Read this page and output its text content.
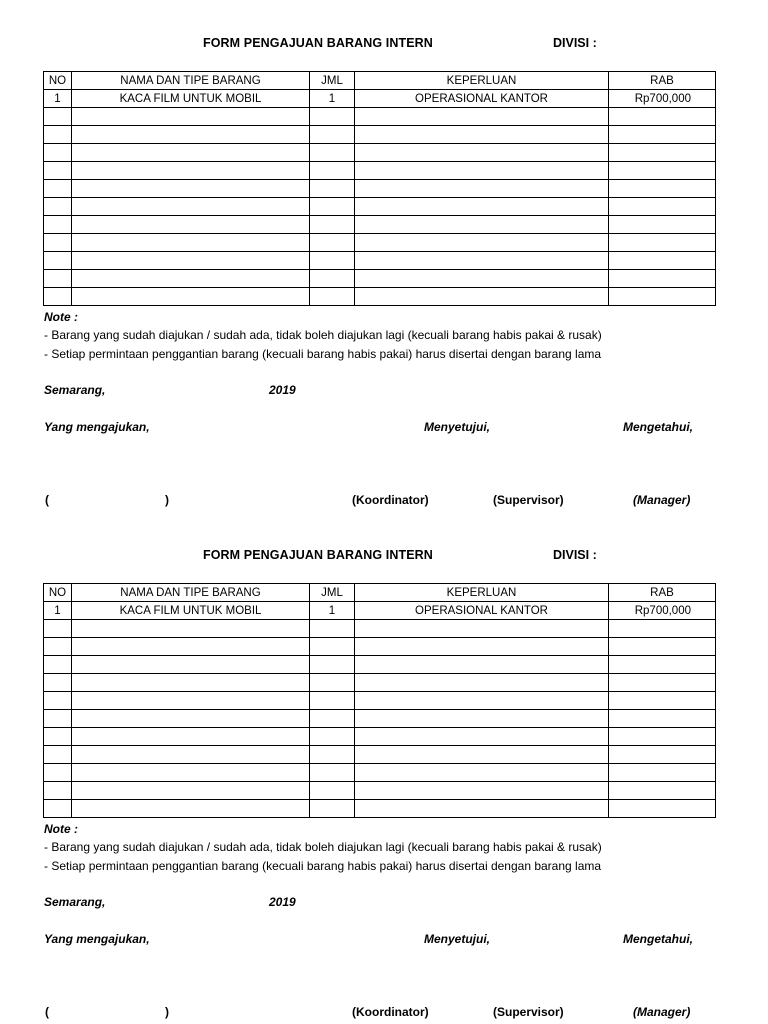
FORM PENGAJUAN BARANG INTERN	DIVISI :
NO	NAMA DAN TIPE BARANG	JML	KEPERLUAN	RAB
1	KACA FILM UNTUK MOBIL	1	OPERASIONAL KANTOR	Rp700,000

Note :
- Barang yang sudah diajukan / sudah ada, tidak boleh diajukan lagi (kecuali barang habis pakai & rusak)
- Setiap permintaan penggantian barang (kecuali barang habis pakai) harus disertai dengan barang lama
Semarang,	2019
Yang mengajukan,	Menyetujui,	Mengetahui,
(	)	(Koordinator)	(Supervisor)	(Manager)
FORM PENGAJUAN BARANG INTERN	DIVISI :
NO	NAMA DAN TIPE BARANG	JML	KEPERLUAN	RAB
1	KACA FILM UNTUK MOBIL	1	OPERASIONAL KANTOR	Rp700,000

Note :
- Barang yang sudah diajukan / sudah ada, tidak boleh diajukan lagi (kecuali barang habis pakai & rusak)
- Setiap permintaan penggantian barang (kecuali barang habis pakai) harus disertai dengan barang lama
Semarang,	2019
Yang mengajukan,	Menyetujui,	Mengetahui,
(	)	(Koordinator)	(Supervisor)	(Manager)
